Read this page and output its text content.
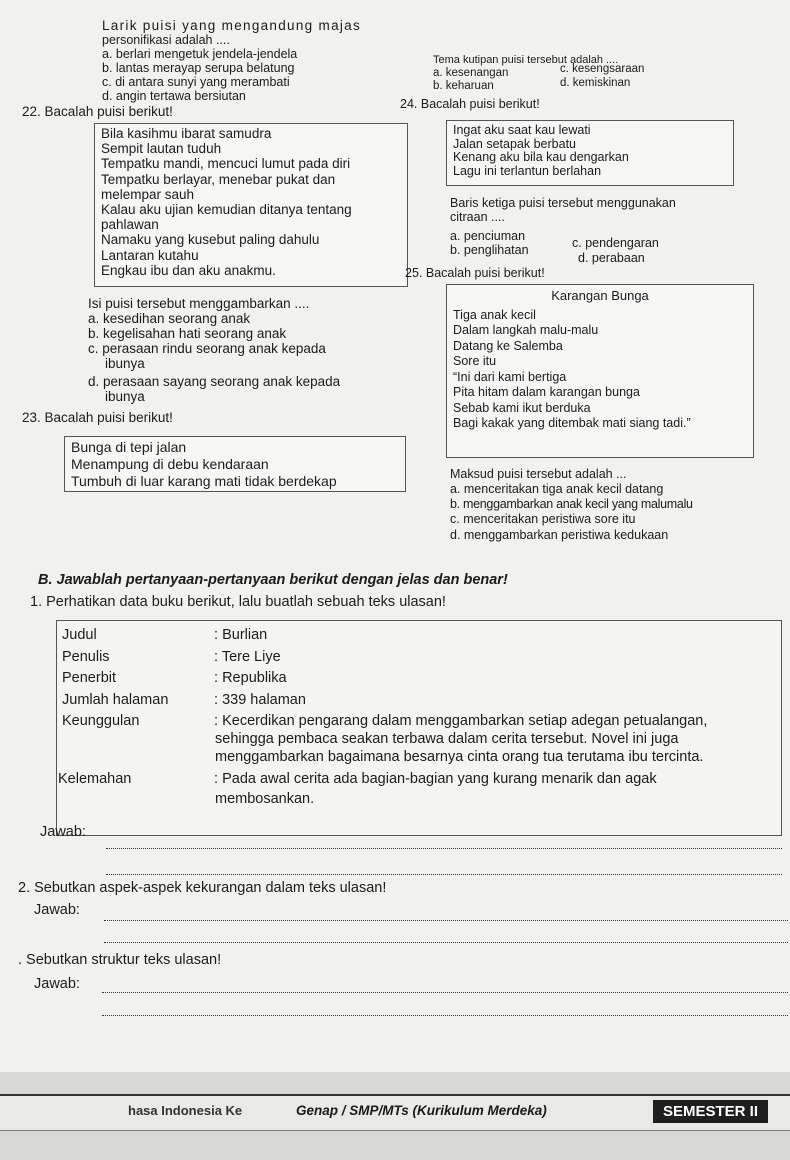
Larik puisi yang mengandung majas
personifikasi adalah ....
a. berlari mengetuk jendela-jendela
b. lantas merayap serupa belatung
c. di antara sunyi yang merambati
d. angin tertawa bersiutan
22. Bacalah puisi berikut!
Bila kasihmu ibarat samudra
Sempit lautan tuduh
Tempatku mandi, mencuci lumut pada diri
Tempatku berlayar, menebar pukat dan
melempar sauh
Kalau aku ujian kemudian ditanya tentang
pahlawan
Namaku yang kusebut paling dahulu
Lantaran kutahu
Engkau ibu dan aku anakmu.
Isi puisi tersebut menggambarkan ....
a. kesedihan seorang anak
b. kegelisahan hati seorang anak
c. perasaan rindu seorang anak kepada
ibunya
d. perasaan sayang seorang anak kepada
ibunya
23. Bacalah puisi berikut!
Bunga di tepi jalan
Menampung di debu kendaraan
Tumbuh di luar karang mati tidak berdekap
Tema kutipan puisi tersebut adalah ....
a. kesenangan	c. kesengsaraan
b. keharuan	d. kemiskinan
24. Bacalah puisi berikut!
Ingat aku saat kau lewati
Jalan setapak berbatu
Kenang aku bila kau dengarkan
Lagu ini terlantun berlahan
Baris ketiga puisi tersebut menggunakan
citraan ....
a. penciuman	c. pendengaran
b. penglihatan
d. perabaan
25. Bacalah puisi berikut!
Karangan Bunga
Tiga anak kecil
Dalam langkah malu-malu
Datang ke Salemba
Sore itu
“Ini dari kami bertiga
Pita hitam dalam karangan bunga
Sebab kami ikut berduka
Bagi kakak yang ditembak mati siang tadi.”
Maksud puisi tersebut adalah ...
a. menceritakan tiga anak kecil datang
b. menggambarkan anak kecil yang malumalu
c. menceritakan peristiwa sore itu
d. menggambarkan peristiwa kedukaan
B. Jawablah pertanyaan-pertanyaan berikut dengan jelas dan benar!
1. Perhatikan data buku berikut, lalu buatlah sebuah teks ulasan!
Judul	: Burlian
Penulis	: Tere Liye
Penerbit	: Republika
Jumlah halaman	: 339 halaman
Keunggulan	: Kecerdikan pengarang dalam menggambarkan setiap adegan petualangan,
sehingga pembaca seakan terbawa dalam cerita tersebut. Novel ini juga
menggambarkan bagaimana besarnya cinta orang tua terutama ibu tercinta.
Kelemahan	: Pada awal cerita ada bagian-bagian yang kurang menarik dan agak
membosankan.
Jawab:
2. Sebutkan aspek-aspek kekurangan dalam teks ulasan!
Jawab:
. Sebutkan struktur teks ulasan!
Jawab:
hasa Indonesia Ke	Genap / SMP/MTs (Kurikulum Merdeka)	SEMESTER II
